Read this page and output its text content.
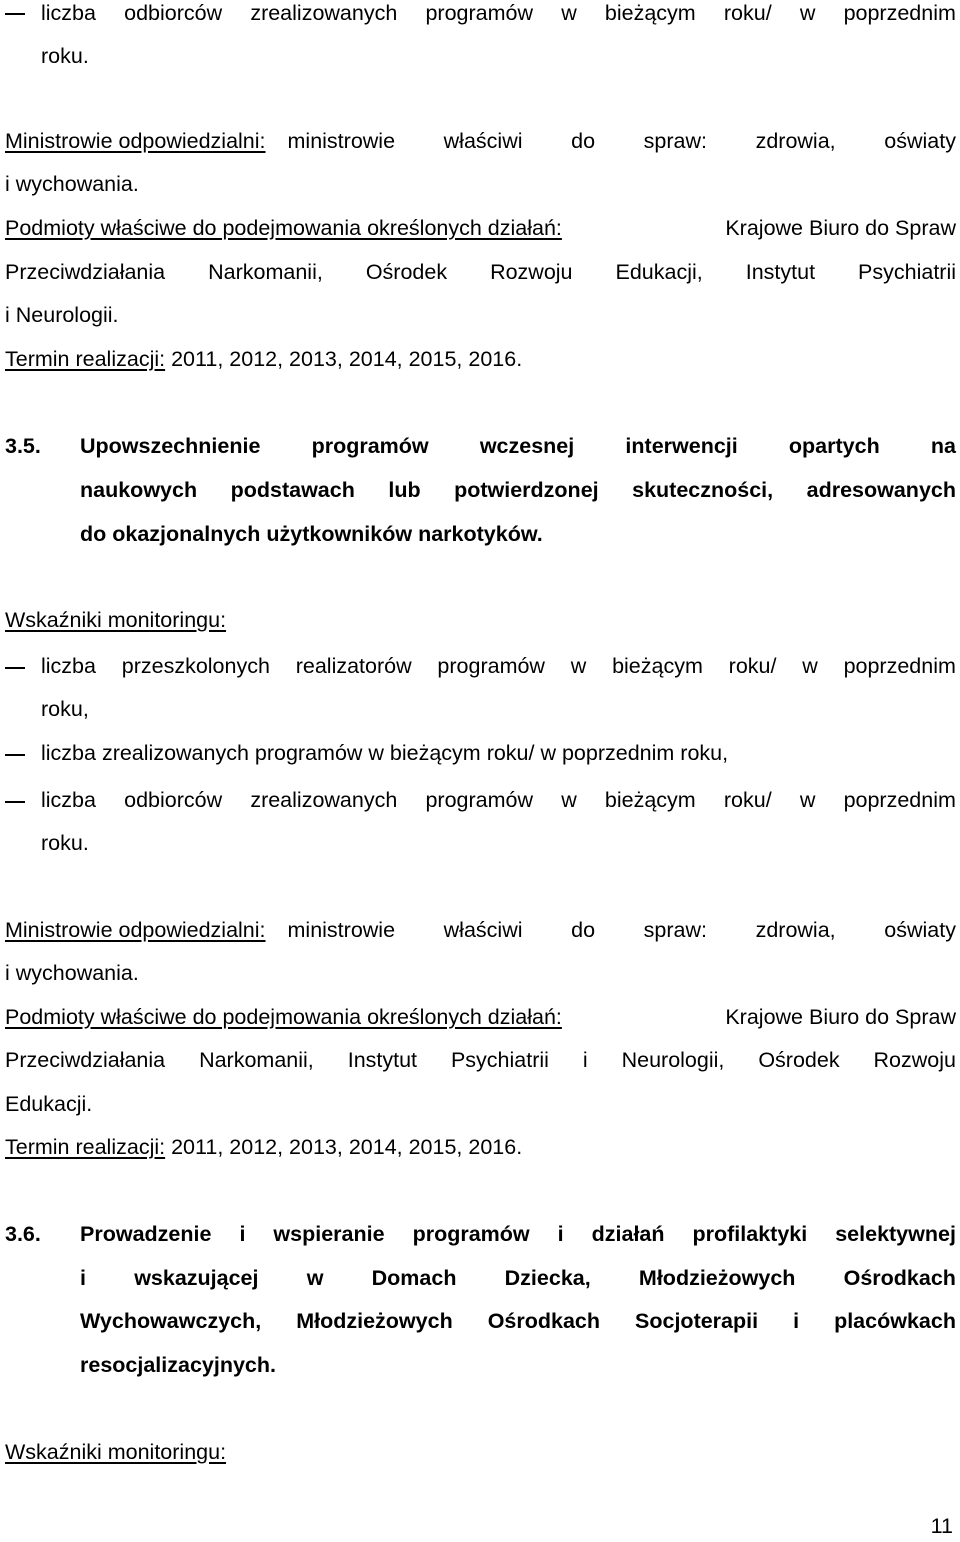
liczba odbiorców zrealizowanych programów w bieżącym roku/ w poprzednim
roku.
Ministrowie odpowiedzialni: ministrowie właściwi do spraw: zdrowia, oświaty
i wychowania.
Podmioty właściwe do podejmowania określonych działań:	Krajowe Biuro do Spraw
Przeciwdziałania Narkomanii, Ośrodek Rozwoju Edukacji, Instytut Psychiatrii
i Neurologii.
Termin realizacji: 2011, 2012, 2013, 2014, 2015, 2016.
3.5. Upowszechnienie programów wczesnej interwencji opartych na
naukowych podstawach lub potwierdzonej skuteczności, adresowanych
do okazjonalnych użytkowników narkotyków.
Wskaźniki monitoringu:
liczba przeszkolonych realizatorów programów w bieżącym roku/ w poprzednim
roku,
liczba zrealizowanych programów w bieżącym roku/ w poprzednim roku,
liczba odbiorców zrealizowanych programów w bieżącym roku/ w poprzednim
roku.
Ministrowie odpowiedzialni: ministrowie właściwi do spraw: zdrowia, oświaty
i wychowania.
Podmioty właściwe do podejmowania określonych działań:	Krajowe Biuro do Spraw
Przeciwdziałania Narkomanii, Instytut Psychiatrii i Neurologii, Ośrodek Rozwoju
Edukacji.
Termin realizacji: 2011, 2012, 2013, 2014, 2015, 2016.
3.6. Prowadzenie i wspieranie programów i działań profilaktyki selektywnej
i wskazującej w Domach Dziecka, Młodzieżowych Ośrodkach
Wychowawczych, Młodzieżowych Ośrodkach Socjoterapii i placówkach
resocjalizacyjnych.
Wskaźniki monitoringu:
11
